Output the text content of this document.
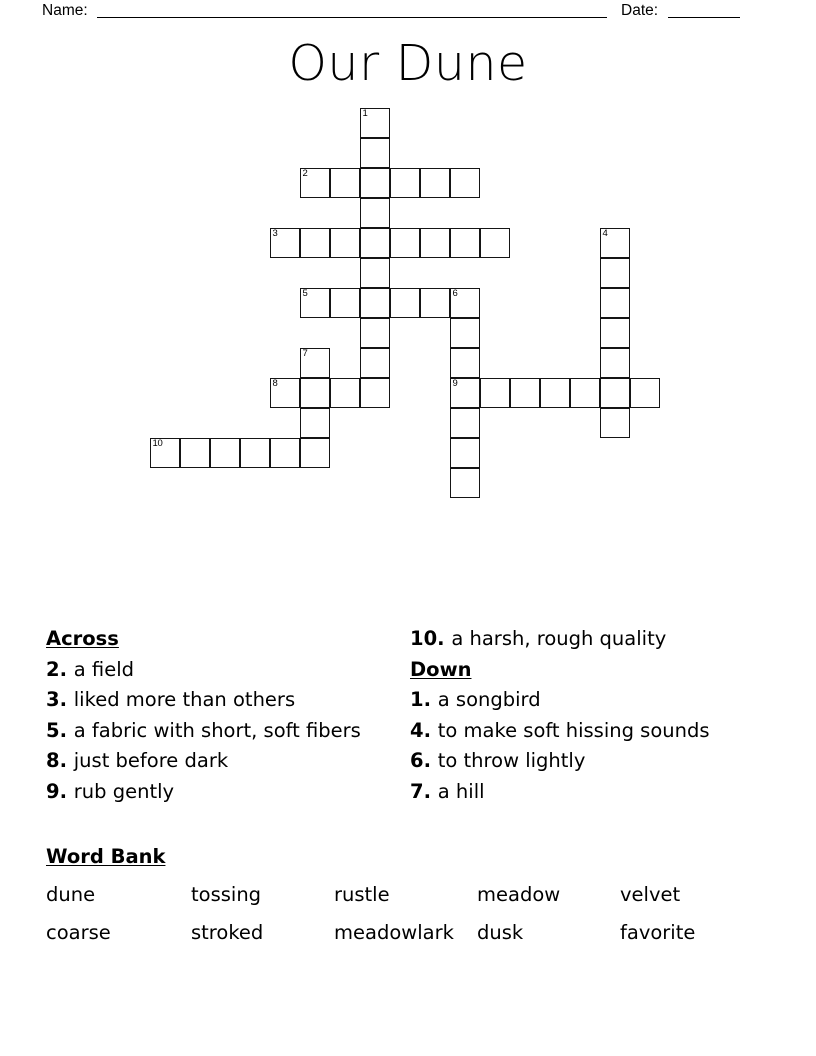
Name:	Date:
Our Dune
1
2
3	4
5	6
7
8	9
10
Across
2. a field
3. liked more than others
5. a fabric with short, soft fibers
8. just before dark
9. rub gently
10. a harsh, rough quality
Down
1. a songbird
4. to make soft hissing sounds
6. to throw lightly
7. a hill
Word Bank
dune	tossing	rustle	meadow	velvet
coarse	stroked	meadowlark	dusk	favorite
